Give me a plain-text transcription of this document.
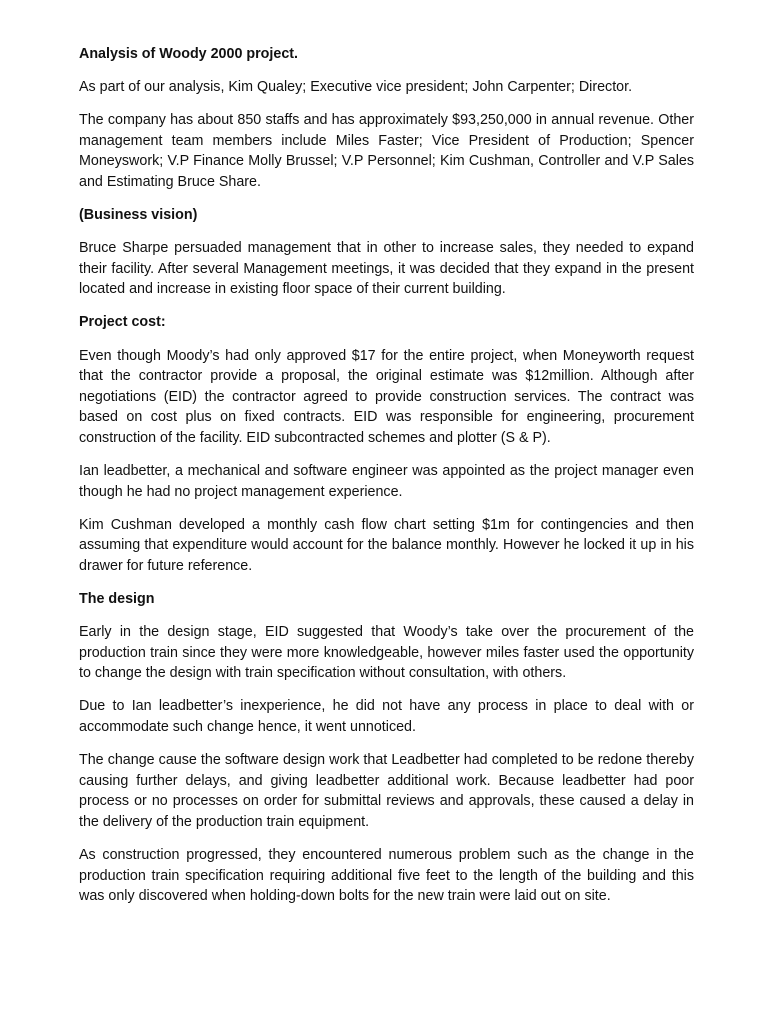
Analysis of Woody 2000 project.
As part of our analysis, Kim Qualey; Executive vice president; John Carpenter; Director.
The company has about 850 staffs and has approximately $93,250,000 in annual revenue. Other management team members include Miles Faster; Vice President of Production; Spencer Moneyswork; V.P Finance Molly Brussel; V.P Personnel; Kim Cushman, Controller and V.P Sales and Estimating Bruce Share.
(Business vision)
Bruce Sharpe persuaded management that in other to increase sales, they needed to expand their facility. After several Management meetings, it was decided that they expand in the present located and increase in existing floor space of their current building.
Project cost:
Even though Moody’s had only approved $17 for the entire project, when Moneyworth request that the contractor provide a proposal, the original estimate was $12million. Although after negotiations (EID) the contractor agreed to provide construction services. The contract was based on cost plus on fixed contracts. EID was responsible for engineering, procurement construction of the facility. EID subcontracted schemes and plotter (S & P).
Ian leadbetter, a mechanical and software engineer was appointed as the project manager even though he had no project management experience.
Kim Cushman developed a monthly cash flow chart setting $1m for contingencies and then assuming that expenditure would account for the balance monthly. However he locked it up in his drawer for future reference.
The design
Early in the design stage, EID suggested that Woody’s take over the procurement of the production train since they were more knowledgeable, however miles faster used the opportunity to change the design with train specification without consultation, with others.
Due to Ian leadbetter’s inexperience, he did not have any process in place to deal with or accommodate such change hence, it went unnoticed.
The change cause the software design work that Leadbetter had completed to be redone thereby causing further delays, and giving leadbetter additional work. Because leadbetter had poor process or no processes on order for submittal reviews and approvals, these caused a delay in the delivery of the production train equipment.
As construction progressed, they encountered numerous problem such as the change in the production train specification requiring additional five feet to the length of the building and this was only discovered when holding-down bolts for the new train were laid out on site.
